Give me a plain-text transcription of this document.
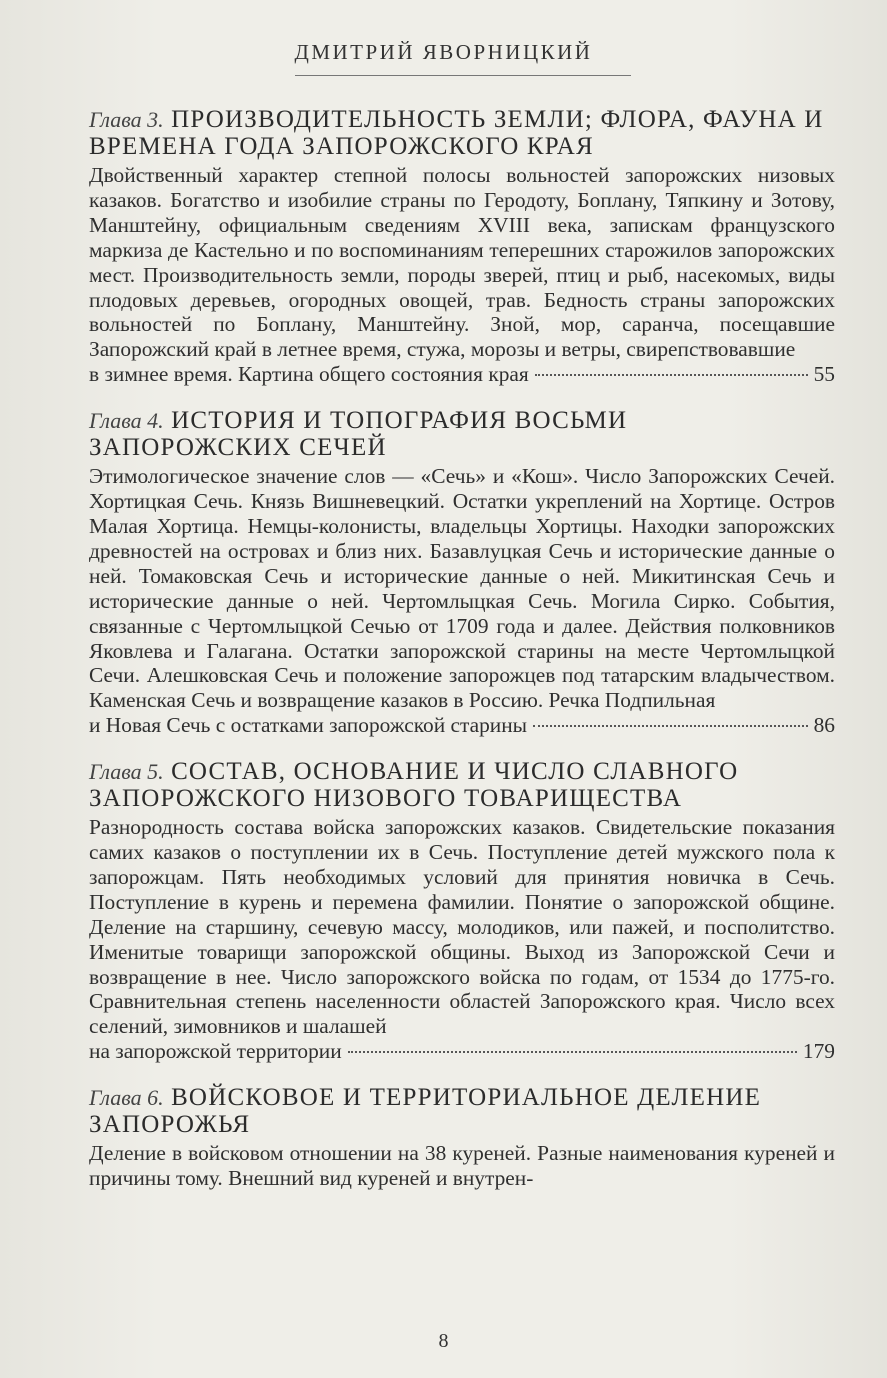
ДМИТРИЙ ЯВОРНИЦКИЙ

Глава 3. ПРОИЗВОДИТЕЛЬНОСТЬ ЗЕМЛИ; ФЛОРА, ФАУНА И ВРЕМЕНА ГОДА ЗАПОРОЖСКОГО КРАЯ

Двойственный характер степной полосы вольностей запорожских низовых казаков. Богатство и изобилие страны по Геродоту, Боплану, Тяпкину и Зотову, Манштейну, официальным сведениям XVIII века, запискам французского маркиза де Кастельно и по воспоминаниям теперешних старожилов запорожских мест. Производительность земли, породы зверей, птиц и рыб, насекомых, виды плодовых деревьев, огородных овощей, трав. Бедность страны запорожских вольностей по Боплану, Манштейну. Зной, мор, саранча, посещавшие Запорожский край в летнее время, стужа, морозы и ветры, свирепствовавшие

в зимнее время. Картина общего состояния края	55

Глава 4. ИСТОРИЯ И ТОПОГРАФИЯ ВОСЬМИ ЗАПОРОЖСКИХ СЕЧЕЙ

Этимологическое значение слов — «Сечь» и «Кош». Число Запорожских Сечей. Хортицкая Сечь. Князь Вишневецкий. Остатки укреплений на Хортице. Остров Малая Хортица. Немцы-колонисты, владельцы Хортицы. Находки запорожских древностей на островах и близ них. Базавлуцкая Сечь и исторические данные о ней. Томаковская Сечь и исторические данные о ней. Микитинская Сечь и исторические данные о ней. Чертомлыцкая Сечь. Могила Сирко. События, связанные с Чертомлыцкой Сечью от 1709 года и далее. Действия полковников Яковлева и Галагана. Остатки запорожской старины на месте Чертомлыцкой Сечи. Алешковская Сечь и положение запорожцев под татарским владычеством. Каменская Сечь и возвращение казаков в Россию. Речка Подпильная

и Новая Сечь с остатками запорожской старины	86

Глава 5. СОСТАВ, ОСНОВАНИЕ И ЧИСЛО СЛАВНОГО ЗАПОРОЖСКОГО НИЗОВОГО ТОВАРИЩЕСТВА

Разнородность состава войска запорожских казаков. Свидетельские показания самих казаков о поступлении их в Сечь. Поступление детей мужского пола к запорожцам. Пять необходимых условий для принятия новичка в Сечь. Поступление в курень и перемена фамилии. Понятие о запорожской общине. Деление на старшину, сечевую массу, молодиков, или пажей, и посполитство. Именитые товарищи запорожской общины. Выход из Запорожской Сечи и возвращение в нее. Число запорожского войска по годам, от 1534 до 1775-го. Сравнительная степень населенности областей Запорожского края. Число всех селений, зимовников и шалашей

на запорожской территории	179

Глава 6. ВОЙСКОВОЕ И ТЕРРИТОРИАЛЬНОЕ ДЕЛЕНИЕ ЗАПОРОЖЬЯ

Деление в войсковом отношении на 38 куреней. Разные наименования куреней и причины тому. Внешний вид куреней и внутрен-

8
